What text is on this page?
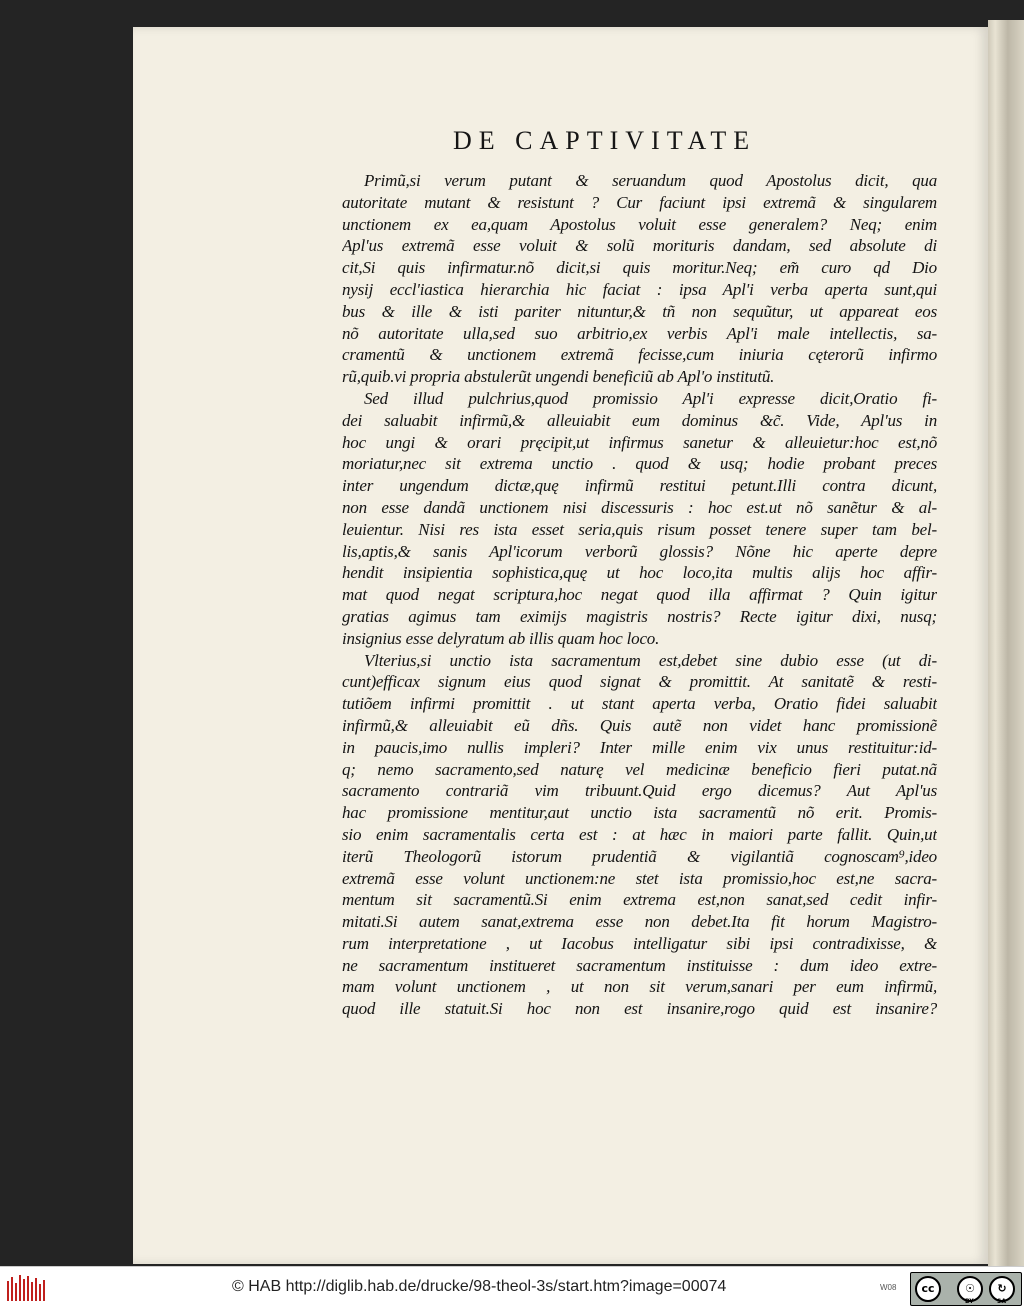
DE CAPTIVITATE
Primũ,si verum putant & seruandum quod Apostolus dicit, qua
autoritate mutant & resistunt ? Cur faciunt ipsi extremã & singularem
unctionem ex ea,quam Apostolus voluit esse generalem? Neq; enim
Apl'us extremã esse voluit & solũ morituris dandam, sed absolute di
cit,Si quis infirmatur.nõ dicit,si quis moritur.Neq; em̃ curo qd Dio
nysij eccl'iastica hierarchia hic faciat : ipsa Apl'i verba aperta sunt,qui
bus & ille & isti pariter nituntur,& tñ non sequũtur, ut appareat eos
nõ autoritate ulla,sed suo arbitrio,ex verbis Apl'i male intellectis, sa-
cramentũ & unctionem extremã fecisse,cum iniuria cęterorũ infirmo
rũ,quib.vi propria abstulerũt ungendi beneficiũ ab Apl'o institutũ.
Sed illud pulchrius,quod promissio Apl'i expresse dicit,Oratio fi-
dei saluabit infirmũ,& alleuiabit eum dominus &c̃. Vide, Apl'us in
hoc ungi & orari pręcipit,ut infirmus sanetur & alleuietur:hoc est,nõ
moriatur,nec sit extrema unctio . quod & usq; hodie probant preces
inter ungendum dictæ,quę infirmũ restitui petunt.Illi contra dicunt,
non esse dandã unctionem nisi discessuris : hoc est.ut nõ sanẽtur & al-
leuientur. Nisi res ista esset seria,quis risum posset tenere super tam bel-
lis,aptis,& sanis Apl'icorum verborũ glossis? Nõne hic aperte depre
hendit insipientia sophistica,quę ut hoc loco,ita multis alijs hoc affir-
mat quod negat scriptura,hoc negat quod illa affirmat ? Quin igitur
gratias agimus tam eximijs magistris nostris? Recte igitur dixi, nusq;
insignius esse delyratum ab illis quam hoc loco.
Vlterius,si unctio ista sacramentum est,debet sine dubio esse (ut di-
cunt)efficax signum eius quod signat & promittit. At sanitatẽ & resti-
tutiõem infirmi promittit . ut stant aperta verba, Oratio fidei saluabit
infirmũ,& alleuiabit eũ dñs. Quis autẽ non videt hanc promissionẽ
in paucis,imo nullis impleri? Inter mille enim vix unus restituitur:id-
q; nemo sacramento,sed naturę vel medicinæ beneficio fieri putat.nã
sacramento contrariã vim tribuunt.Quid ergo dicemus? Aut Apl'us
hac promissione mentitur,aut unctio ista sacramentũ nõ erit. Promis-
sio enim sacramentalis certa est : at hæc in maiori parte fallit. Quin,ut
iterũ Theologorũ istorum prudentiã & vigilantiã cognoscam⁹,ideo
extremã esse volunt unctionem:ne stet ista promissio,hoc est,ne sacra-
mentum sit sacramentũ.Si enim extrema est,non sanat,sed cedit infir-
mitati.Si autem sanat,extrema esse non debet.Ita fit horum Magistro-
rum interpretatione , ut Iacobus intelligatur sibi ipsi contradixisse, &
ne sacramentum institueret sacramentum instituisse : dum ideo extre-
mam volunt unctionem , ut non sit verum,sanari per eum infirmũ,
quod ille statuit.Si hoc non est insanire,rogo quid est insanire?
© HAB http://diglib.hab.de/drucke/98-theol-3s/start.htm?image=00074	W08	cc	☉	↻
BY	SA
